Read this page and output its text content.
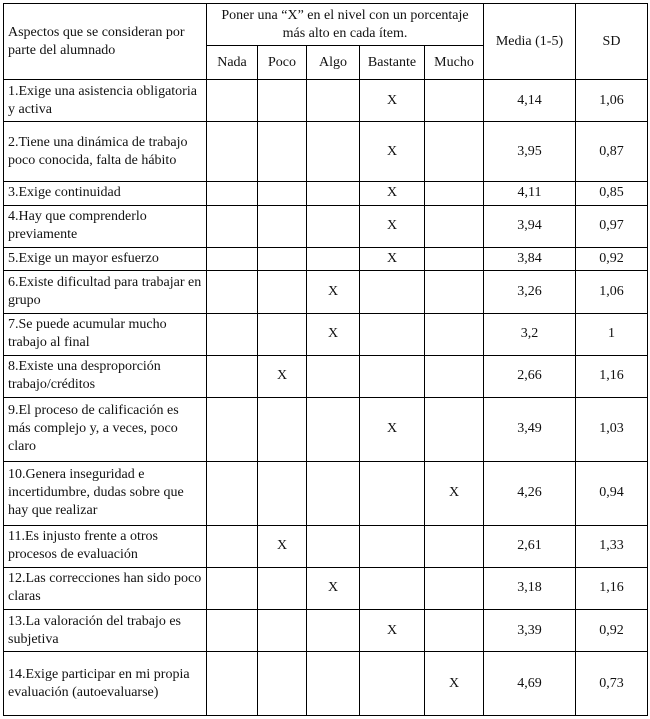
Aspectos que se consideran por parte del alumnado	Poner una “X” en el nivel con un porcentaje más alto en cada ítem.					Media (1-5)	SD
	Nada	Poco	Algo	Bastante	Mucho		
1.Exige una asistencia obligatoria y activa				X		4,14	1,06
2.Tiene una dinámica de trabajo poco conocida, falta de hábito				X		3,95	0,87
3.Exige continuidad				X		4,11	0,85
4.Hay que comprenderlo previamente				X		3,94	0,97
5.Exige un mayor esfuerzo				X		3,84	0,92
6.Existe dificultad para trabajar en grupo			X			3,26	1,06
7.Se puede acumular mucho trabajo al final			X			3,2	1
8.Existe una desproporción trabajo/créditos		X				2,66	1,16
9.El proceso de calificación es más complejo y, a veces, poco claro				X		3,49	1,03
10.Genera inseguridad e incertidumbre, dudas sobre que hay que realizar					X	4,26	0,94
11.Es injusto frente a otros procesos de evaluación		X				2,61	1,33
12.Las correcciones han sido poco claras			X			3,18	1,16
13.La valoración del trabajo es subjetiva				X		3,39	0,92
14.Exige participar en mi propia evaluación (autoevaluarse)					X	4,69	0,73
